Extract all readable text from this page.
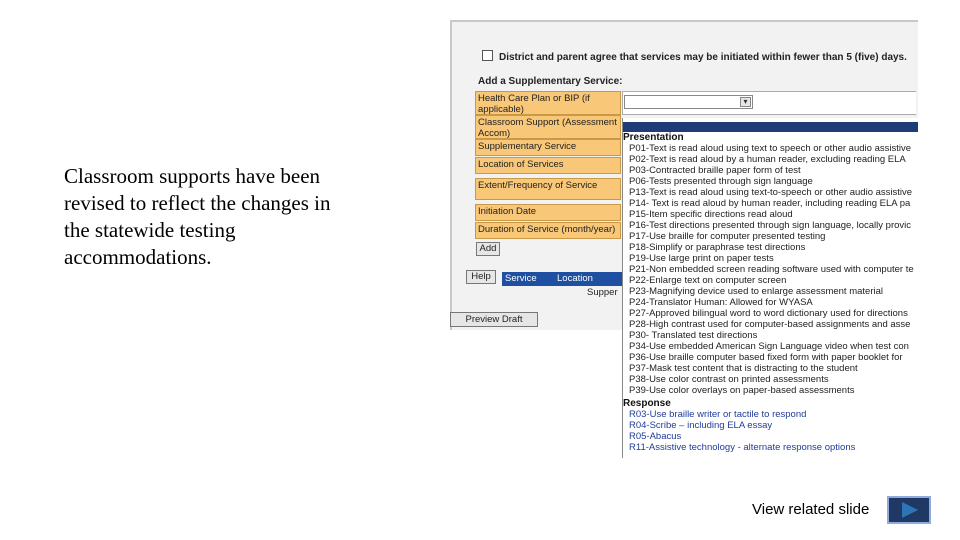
Classroom supports have been revised to reflect the changes in the statewide testing accommodations.
District and parent agree that services may be initiated within fewer than 5 (five) days.
Add a Supplementary Service:
Health Care Plan or BIP (if applicable)
Classroom Support (Assessment Accom)
Supplementary Service
Location of Services
Extent/Frequency of Service
Initiation Date
Duration of Service (month/year)
▾
Add
Help	Service Location
Supper
Preview Draft
Presentation
P01-Text is read aloud using text to speech or other audio assistive
P02-Text is read aloud by a human reader, excluding reading ELA
P03-Contracted braille paper form of test
P06-Tests presented through sign language
P13-Text is read aloud using text-to-speech or other audio assistive
P14- Text is read aloud by human reader, including reading ELA pa
P15-Item specific directions read aloud
P16-Test directions presented through sign language, locally provic
P17-Use braille for computer presented testing
P18-Simplify or paraphrase test directions
P19-Use large print on paper tests
P21-Non embedded screen reading software used with computer te
P22-Enlarge text on computer screen
P23-Magnifying device used to enlarge assessment material
P24-Translator Human: Allowed for WYASA
P27-Approved bilingual word to word dictionary used for directions
P28-High contrast used for computer-based assignments and asse
P30- Translated test directions
P34-Use embedded American Sign Language video when test con
P36-Use braille computer based fixed form with paper booklet for
P37-Mask test content that is distracting to the student
P38-Use color contrast on printed assessments
P39-Use color overlays on paper-based assessments
Response
R03-Use braille writer or tactile to respond
R04-Scribe – including ELA essay
R05-Abacus
R11-Assistive technology - alternate response options
View related slide
